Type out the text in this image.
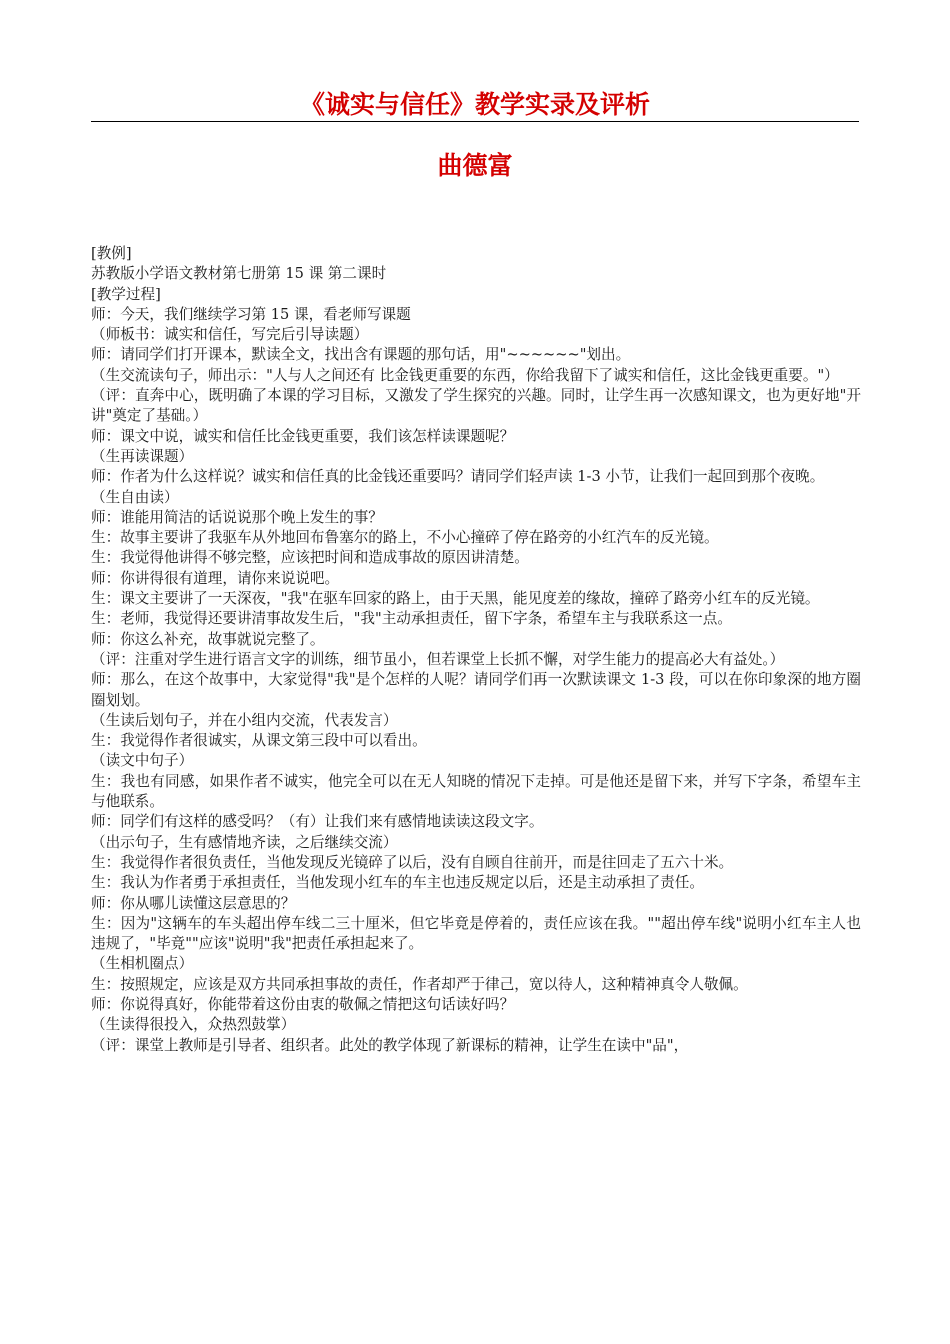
《诚实与信任》教学实录及评析
曲德富

[教例]

苏教版小学语文教材第七册第 15 课 第二课时

[教学过程]

师：今天，我们继续学习第 15 课，看老师写课题

（师板书：诚实和信任，写完后引导读题）

师：请同学们打开课本，默读全文，找出含有课题的那句话，用"~~~~~~"划出。

（生交流读句子，师出示："人与人之间还有 比金钱更重要的东西，你给我留下了诚实和信任，这比金钱更重要。"）

（评：直奔中心，既明确了本课的学习目标，又激发了学生探究的兴趣。同时，让学生再一次感知课文，也为更好地"开讲"奠定了基础。）

师：课文中说，诚实和信任比金钱更重要，我们该怎样读课题呢？

（生再读课题）

师：作者为什么这样说？诚实和信任真的比金钱还重要吗？请同学们轻声读 1-3 小节，让我们一起回到那个夜晚。

（生自由读）

师：谁能用简洁的话说说那个晚上发生的事？

生：故事主要讲了我驱车从外地回布鲁塞尔的路上，不小心撞碎了停在路旁的小红汽车的反光镜。

生：我觉得他讲得不够完整，应该把时间和造成事故的原因讲清楚。

师：你讲得很有道理，请你来说说吧。

生：课文主要讲了一天深夜，"我"在驱车回家的路上，由于天黑，能见度差的缘故，撞碎了路旁小红车的反光镜。

生：老师，我觉得还要讲清事故发生后，"我"主动承担责任，留下字条，希望车主与我联系这一点。

师：你这么补充，故事就说完整了。

（评：注重对学生进行语言文字的训练，细节虽小，但若课堂上长抓不懈，对学生能力的提高必大有益处。）

师：那么，在这个故事中，大家觉得"我"是个怎样的人呢？请同学们再一次默读课文 1-3 段，可以在你印象深的地方圈圈划划。

（生读后划句子，并在小组内交流，代表发言）

生：我觉得作者很诚实，从课文第三段中可以看出。

（读文中句子）

生：我也有同感，如果作者不诚实，他完全可以在无人知晓的情况下走掉。可是他还是留下来，并写下字条，希望车主与他联系。

师：同学们有这样的感受吗？（有）让我们来有感情地读读这段文字。

（出示句子，生有感情地齐读，之后继续交流）

生：我觉得作者很负责任，当他发现反光镜碎了以后，没有自顾自往前开，而是往回走了五六十米。

生：我认为作者勇于承担责任，当他发现小红车的车主也违反规定以后，还是主动承担了责任。

师：你从哪儿读懂这层意思的？

生：因为"这辆车的车头超出停车线二三十厘米，但它毕竟是停着的，责任应该在我。""超出停车线"说明小红车主人也违规了，"毕竟""应该"说明"我"把责任承担起来了。

（生相机圈点）

生：按照规定，应该是双方共同承担事故的责任，作者却严于律己，宽以待人，这种精神真令人敬佩。

师：你说得真好，你能带着这份由衷的敬佩之情把这句话读好吗？

（生读得很投入，众热烈鼓掌）

（评：课堂上教师是引导者、组织者。此处的教学体现了新课标的精神，让学生在读中"品"，
